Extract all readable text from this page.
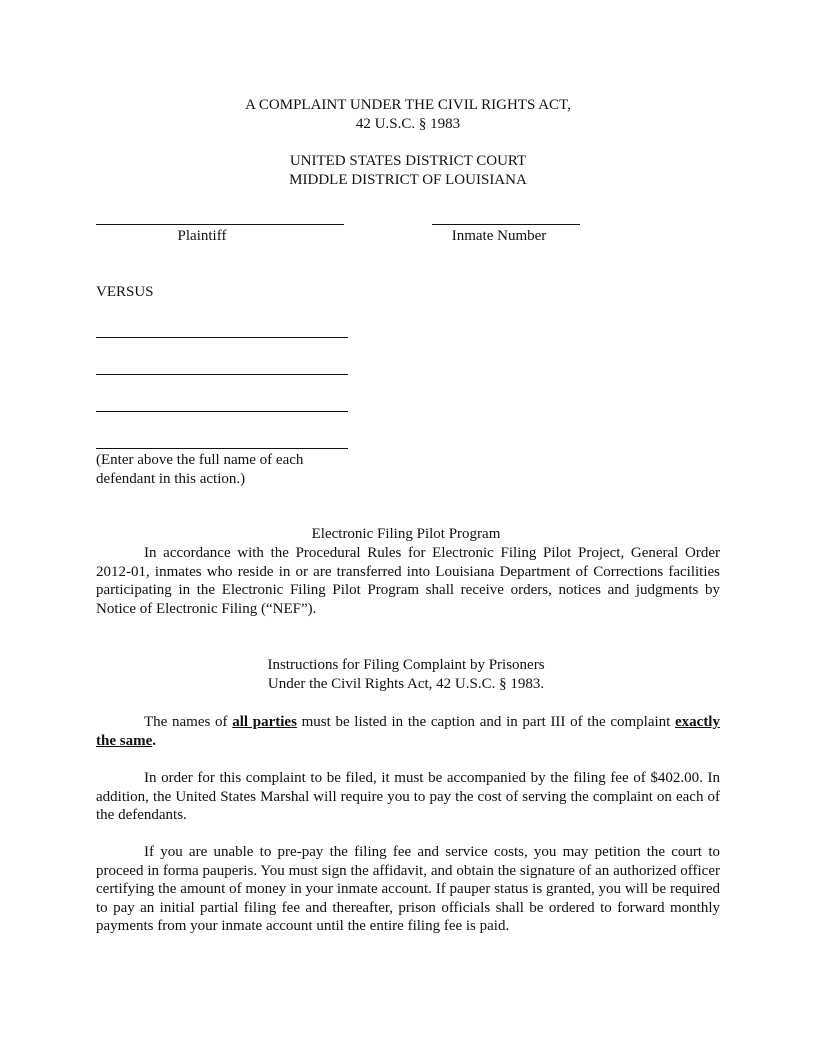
A COMPLAINT UNDER THE CIVIL RIGHTS ACT,
42 U.S.C. § 1983
UNITED STATES DISTRICT COURT
MIDDLE DISTRICT OF LOUISIANA
Plaintiff	Inmate Number
VERSUS
(Enter above the full name of each
defendant in this action.)
Electronic Filing Pilot Program
In accordance with the Procedural Rules for Electronic Filing Pilot Project, General Order 2012-01, inmates who reside in or are transferred into Louisiana Department of Corrections facilities participating in the Electronic Filing Pilot Program shall receive orders, notices and judgments by Notice of Electronic Filing (“NEF”).
Instructions for Filing Complaint by Prisoners
Under the Civil Rights Act, 42 U.S.C. § 1983.
The names of all parties must be listed in the caption and in part III of the complaint exactly the same.
In order for this complaint to be filed, it must be accompanied by the filing fee of $402.00. In addition, the United States Marshal will require you to pay the cost of serving the complaint on each of the defendants.
If you are unable to pre-pay the filing fee and service costs, you may petition the court to proceed in forma pauperis. You must sign the affidavit, and obtain the signature of an authorized officer certifying the amount of money in your inmate account. If pauper status is granted, you will be required to pay an initial partial filing fee and thereafter, prison officials shall be ordered to forward monthly payments from your inmate account until the entire filing fee is paid.
